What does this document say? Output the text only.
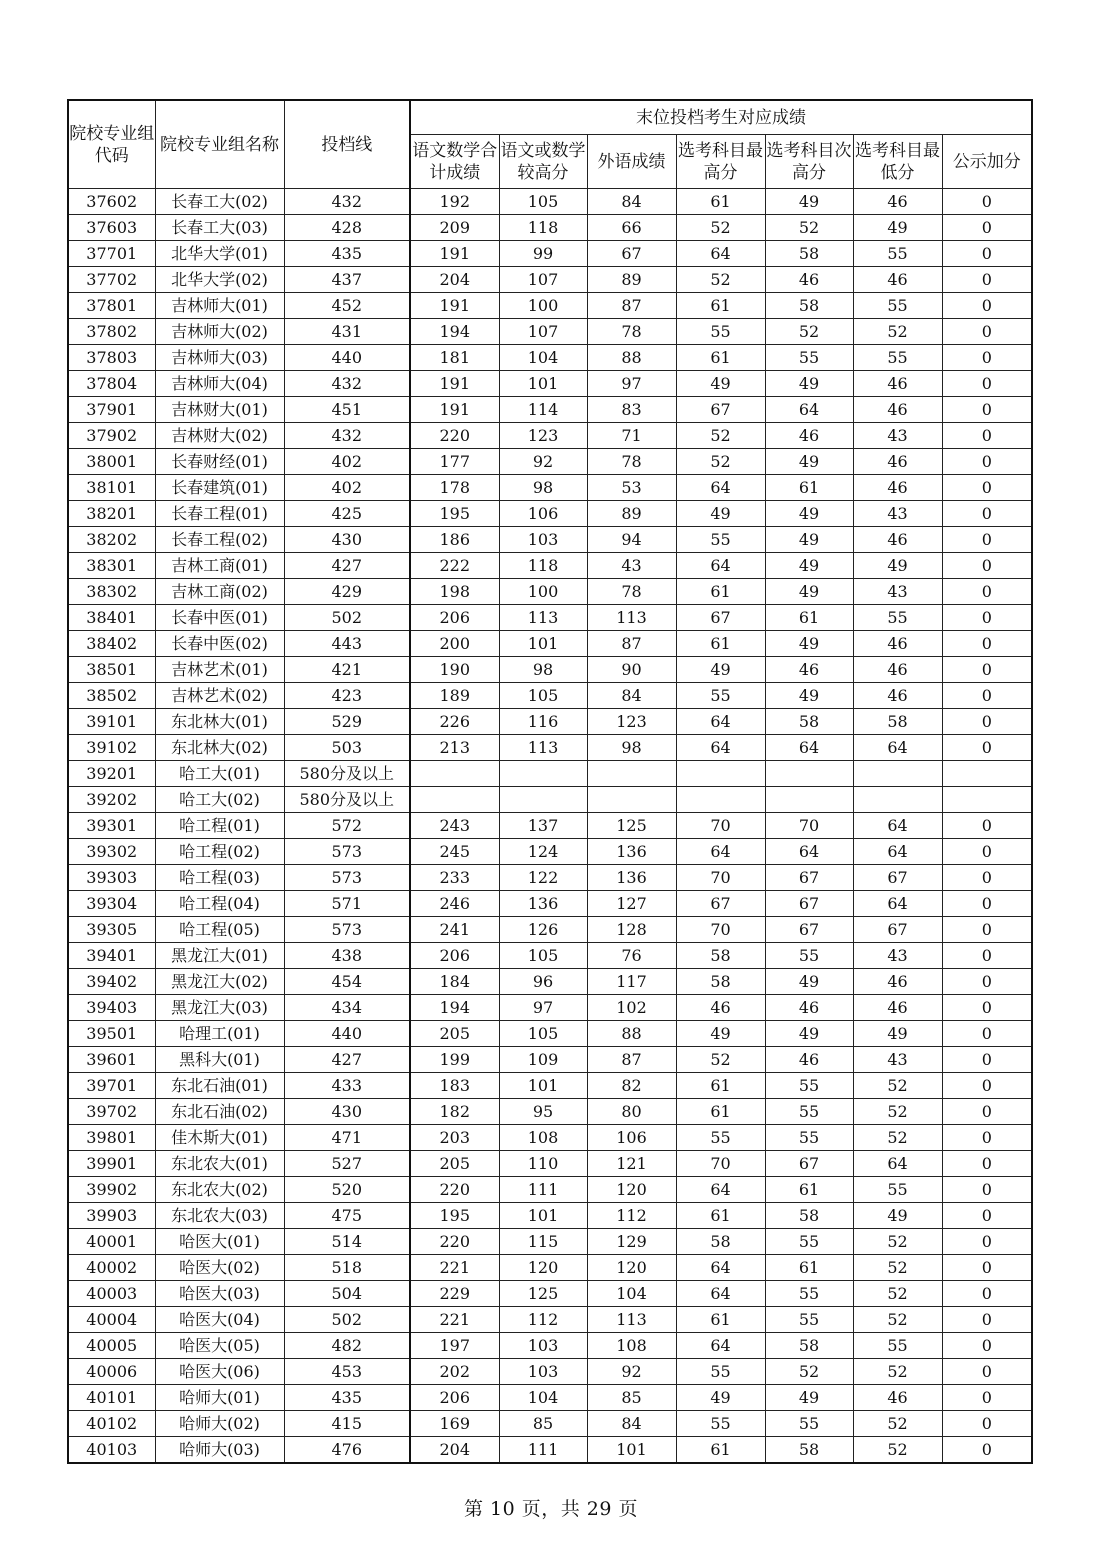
院校专业组代码	院校专业组名称	投档线	末位投档考生对应成绩						
			语文数学合计成绩	语文或数学较高分	外语成绩	选考科目最高分	选考科目次高分	选考科目最低分	公示加分
37602	长春工大(02)	432	192	105	84	61	49	46	0
37603	长春工大(03)	428	209	118	66	52	52	49	0
37701	北华大学(01)	435	191	99	67	64	58	55	0
37702	北华大学(02)	437	204	107	89	52	46	46	0
37801	吉林师大(01)	452	191	100	87	61	58	55	0
37802	吉林师大(02)	431	194	107	78	55	52	52	0
37803	吉林师大(03)	440	181	104	88	61	55	55	0
37804	吉林师大(04)	432	191	101	97	49	49	46	0
37901	吉林财大(01)	451	191	114	83	67	64	46	0
37902	吉林财大(02)	432	220	123	71	52	46	43	0
38001	长春财经(01)	402	177	92	78	52	49	46	0
38101	长春建筑(01)	402	178	98	53	64	61	46	0
38201	长春工程(01)	425	195	106	89	49	49	43	0
38202	长春工程(02)	430	186	103	94	55	49	46	0
38301	吉林工商(01)	427	222	118	43	64	49	49	0
38302	吉林工商(02)	429	198	100	78	61	49	43	0
38401	长春中医(01)	502	206	113	113	67	61	55	0
38402	长春中医(02)	443	200	101	87	61	49	46	0
38501	吉林艺术(01)	421	190	98	90	49	46	46	0
38502	吉林艺术(02)	423	189	105	84	55	49	46	0
39101	东北林大(01)	529	226	116	123	64	58	58	0
39102	东北林大(02)	503	213	113	98	64	64	64	0
39201	哈工大(01)	580分及以上							
39202	哈工大(02)	580分及以上							
39301	哈工程(01)	572	243	137	125	70	70	64	0
39302	哈工程(02)	573	245	124	136	64	64	64	0
39303	哈工程(03)	573	233	122	136	70	67	67	0
39304	哈工程(04)	571	246	136	127	67	67	64	0
39305	哈工程(05)	573	241	126	128	70	67	67	0
39401	黑龙江大(01)	438	206	105	76	58	55	43	0
39402	黑龙江大(02)	454	184	96	117	58	49	46	0
39403	黑龙江大(03)	434	194	97	102	46	46	46	0
39501	哈理工(01)	440	205	105	88	49	49	49	0
39601	黑科大(01)	427	199	109	87	52	46	43	0
39701	东北石油(01)	433	183	101	82	61	55	52	0
39702	东北石油(02)	430	182	95	80	61	55	52	0
39801	佳木斯大(01)	471	203	108	106	55	55	52	0
39901	东北农大(01)	527	205	110	121	70	67	64	0
39902	东北农大(02)	520	220	111	120	64	61	55	0
39903	东北农大(03)	475	195	101	112	61	58	49	0
40001	哈医大(01)	514	220	115	129	58	55	52	0
40002	哈医大(02)	518	221	120	120	64	61	52	0
40003	哈医大(03)	504	229	125	104	64	55	52	0
40004	哈医大(04)	502	221	112	113	61	55	52	0
40005	哈医大(05)	482	197	103	108	64	58	55	0
40006	哈医大(06)	453	202	103	92	55	52	52	0
40101	哈师大(01)	435	206	104	85	49	49	46	0
40102	哈师大(02)	415	169	85	84	55	55	52	0
40103	哈师大(03)	476	204	111	101	61	58	52	0
第 10 页，共 29 页
